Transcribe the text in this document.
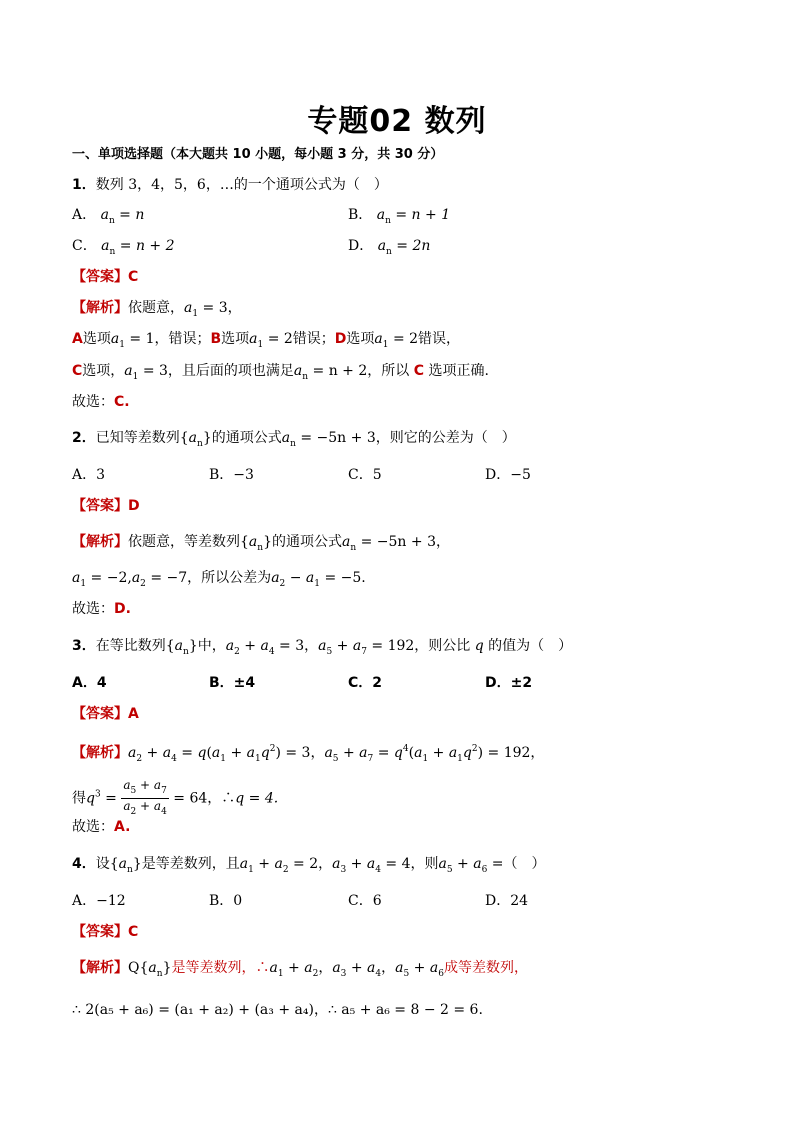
专题02 数列
一、单项选择题（本大题共 10 小题，每小题 3 分，共 30 分）
1．数列 3，4，5，6，…的一个通项公式为（　）
A． $a_n = n$	B． $a_n = n + 1$
C． $a_n = n + 2$	D． $a_n = 2n$
【答案】C
【解析】依题意，$a_1 = 3$，
A选项$a_1 = 1$，错误；B选项$a_1 = 2$错误；D选项$a_1 = 2$错误，
C选项，$a_1 = 3$，且后面的项也满足$a_n = n + 2$，所以 C 选项正确.
故选：C.
2．已知等差数列$\{a_n\}$的通项公式$a_n = -5n + 3$，则它的公差为（　）
A．3	B．−3	C．5	D．−5
【答案】D
【解析】依题意，等差数列$\{a_n\}$的通项公式$a_n = -5n + 3$，
$a_1 = -2,a_2 = -7$，所以公差为$a_2 - a_1 = -5$.
故选：D.
3．在等比数列$\{a_n\}$中，$a_2 + a_4 = 3$，$a_5 + a_7 = 192$，则公比 q 的值为（　）
A．4	B．±4	C．2	D．±2
【答案】A
【解析】$a_2 + a_4 = q(a_1 + a_1q^2) = 3$，$a_5 + a_7 = q^4(a_1 + a_1q^2) = 192$，
得$q^3 = \frac{a_5 + a_7}{a_2 + a_4} = 64$，∴q = 4.
故选：A.
4．设$\{a_n\}$是等差数列，且$a_1 + a_2 = 2$，$a_3 + a_4 = 4$，则$a_5 + a_6$ =（　）
A．−12	B．0	C．6	D．24
【答案】C
【解析】$Q\{a_n\}$是等差数列，$\therefore a_1 + a_2$，$a_3 + a_4$，$a_5 + a_6$成等差数列，
∴ 2(a₅ + a₆) = (a₁ + a₂) + (a₃ + a₄)，∴ a₅ + a₆ = 8 − 2 = 6.
